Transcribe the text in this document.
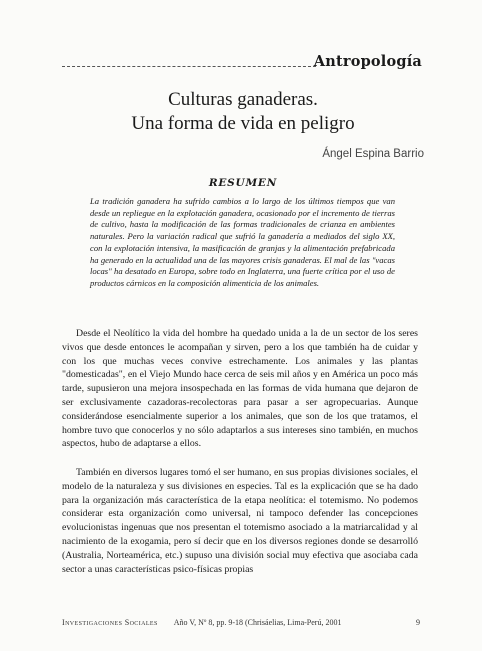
Antropología
Culturas ganaderas.
Una forma de vida en peligro
Ángel Espina Barrio
RESUMEN

La tradición ganadera ha sufrido cambios a lo largo de los últimos tiempos que van desde un repliegue en la explotación ganadera, ocasionado por el incremento de tierras de cultivo, hasta la modificación de las formas tradicionales de crianza en ambientes naturales. Pero la variación radical que sufrió la ganadería a mediados del siglo XX, con la explotación intensiva, la masificación de granjas y la alimentación prefabricada ha generado en la actualidad una de las mayores crisis ganaderas. El mal de las "vacas locas" ha desatado en Europa, sobre todo en Inglaterra, una fuerte crítica por el uso de productos cárnicos en la composición alimenticia de los animales.

Desde el Neolítico la vida del hombre ha quedado unida a la de un sector de los seres vivos que desde entonces le acompañan y sirven, pero a los que también ha de cuidar y con los que muchas veces convive estrechamente. Los animales y las plantas "domesticadas", en el Viejo Mundo hace cerca de seis mil años y en América un poco más tarde, supusieron una mejora insospechada en las formas de vida humana que dejaron de ser exclusivamente cazadoras-recolectoras para pasar a ser agropecuarias. Aunque considerándose esencialmente superior a los animales, que son de los que tratamos, el hombre tuvo que conocerlos y no sólo adaptarlos a sus intereses sino también, en muchos aspectos, hubo de adaptarse a ellos.

También en diversos lugares tomó el ser humano, en sus propias divisiones sociales, el modelo de la naturaleza y sus divisiones en especies. Tal es la explicación que se ha dado para la organización más característica de la etapa neolítica: el totemismo. No podemos considerar esta organización como universal, ni tampoco defender las concepciones evolucionistas ingenuas que nos presentan el totemismo asociado a la matriarcalidad y al nacimiento de la exogamia, pero sí decir que en los diversos regiones donde se desarrolló (Australia, Norteamérica, etc.) supuso una división social muy efectiva que asociaba cada sector a unas características psico-físicas propias

Investigaciones Sociales Año V, Nº 8, pp. 9-18 (Chrisáelias, Lima-Perú, 2001	9
